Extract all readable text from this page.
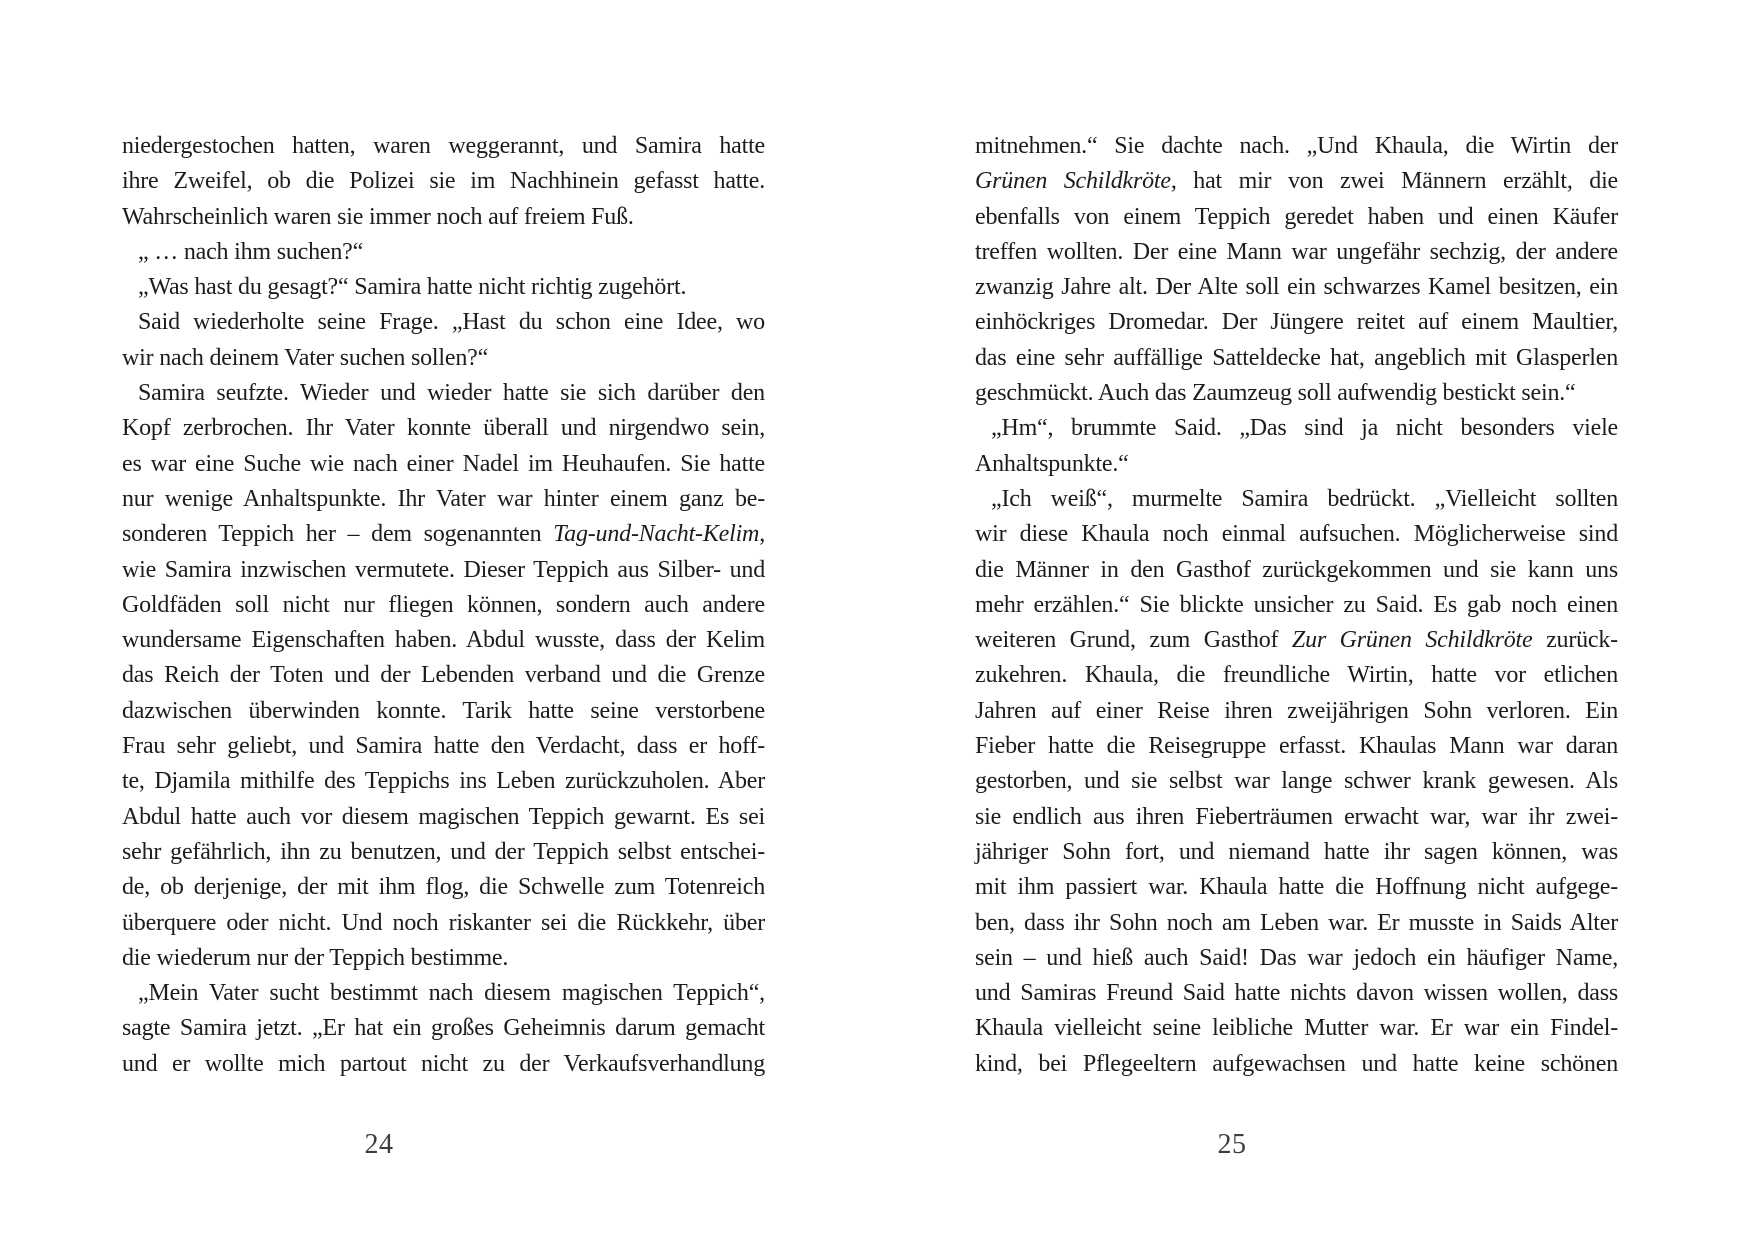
niedergestochen hatten, waren weggerannt, und Samira hatte
ihre Zweifel, ob die Polizei sie im Nachhinein gefasst hatte.
Wahrscheinlich waren sie immer noch auf freiem Fuß.
„ … nach ihm suchen?“
„Was hast du gesagt?“ Samira hatte nicht richtig zugehört.
Said wiederholte seine Frage. „Hast du schon eine Idee, wo
wir nach deinem Vater suchen sollen?“
Samira seufzte. Wieder und wieder hatte sie sich darüber den
Kopf zerbrochen. Ihr Vater konnte überall und nirgendwo sein,
es war eine Suche wie nach einer Nadel im Heuhaufen. Sie hatte
nur wenige Anhaltspunkte. Ihr Vater war hinter einem ganz be-
sonderen Teppich her – dem sogenannten Tag-und-Nacht-Kelim,
wie Samira inzwischen vermutete. Dieser Teppich aus Silber- und
Goldfäden soll nicht nur fliegen können, sondern auch andere
wundersame Eigenschaften haben. Abdul wusste, dass der Kelim
das Reich der Toten und der Lebenden verband und die Grenze
dazwischen überwinden konnte. Tarik hatte seine verstorbene
Frau sehr geliebt, und Samira hatte den Verdacht, dass er hoff-
te, Djamila mithilfe des Teppichs ins Leben zurückzuholen. Aber
Abdul hatte auch vor diesem magischen Teppich gewarnt. Es sei
sehr gefährlich, ihn zu benutzen, und der Teppich selbst entschei-
de, ob derjenige, der mit ihm flog, die Schwelle zum Totenreich
überquere oder nicht. Und noch riskanter sei die Rückkehr, über
die wiederum nur der Teppich bestimme.
„Mein Vater sucht bestimmt nach diesem magischen Teppich“,
sagte Samira jetzt. „Er hat ein großes Geheimnis darum gemacht
und er wollte mich partout nicht zu der Verkaufsverhandlung
mitnehmen.“ Sie dachte nach. „Und Khaula, die Wirtin der
Grünen Schildkröte, hat mir von zwei Männern erzählt, die
ebenfalls von einem Teppich geredet haben und einen Käufer
treffen wollten. Der eine Mann war ungefähr sechzig, der andere
zwanzig Jahre alt. Der Alte soll ein schwarzes Kamel besitzen, ein
einhöckriges Dromedar. Der Jüngere reitet auf einem Maultier,
das eine sehr auffällige Satteldecke hat, angeblich mit Glasperlen
geschmückt. Auch das Zaumzeug soll aufwendig bestickt sein.“
„Hm“, brummte Said. „Das sind ja nicht besonders viele
Anhaltspunkte.“
„Ich weiß“, murmelte Samira bedrückt. „Vielleicht sollten
wir diese Khaula noch einmal aufsuchen. Möglicherweise sind
die Männer in den Gasthof zurückgekommen und sie kann uns
mehr erzählen.“ Sie blickte unsicher zu Said. Es gab noch einen
weiteren Grund, zum Gasthof Zur Grünen Schildkröte zurück-
zukehren. Khaula, die freundliche Wirtin, hatte vor etlichen
Jahren auf einer Reise ihren zweijährigen Sohn verloren. Ein
Fieber hatte die Reisegruppe erfasst. Khaulas Mann war daran
gestorben, und sie selbst war lange schwer krank gewesen. Als
sie endlich aus ihren Fieberträumen erwacht war, war ihr zwei-
jähriger Sohn fort, und niemand hatte ihr sagen können, was
mit ihm passiert war. Khaula hatte die Hoffnung nicht aufgege-
ben, dass ihr Sohn noch am Leben war. Er musste in Saids Alter
sein – und hieß auch Said! Das war jedoch ein häufiger Name,
und Samiras Freund Said hatte nichts davon wissen wollen, dass
Khaula vielleicht seine leibliche Mutter war. Er war ein Findel-
kind, bei Pflegeeltern aufgewachsen und hatte keine schönen
24	25
